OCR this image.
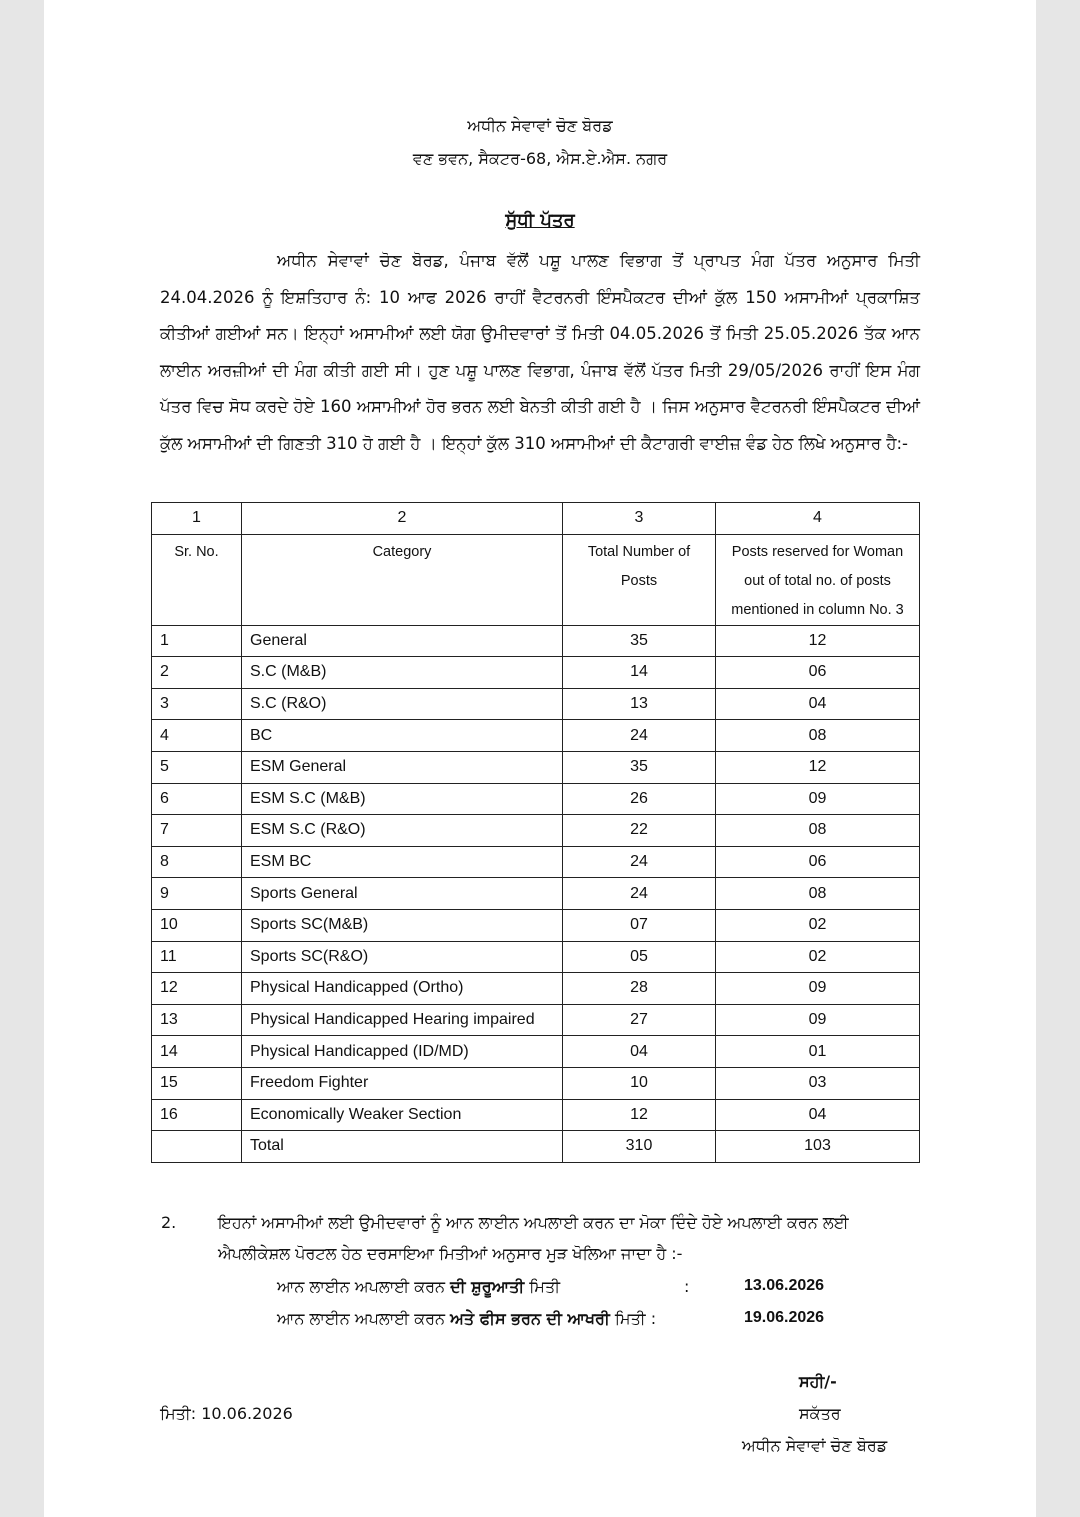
ਅਧੀਨ ਸੇਵਾਵਾਂ ਚੋਣ ਬੋਰਡ
ਵਣ ਭਵਨ, ਸੈਕਟਰ-68, ਐਸ.ਏ.ਐਸ. ਨਗਰ
ਸੁੱਧੀ ਪੱਤਰ

ਅਧੀਨ ਸੇਵਾਵਾਂ ਚੋਣ ਬੋਰਡ, ਪੰਜਾਬ ਵੱਲੋਂ ਪਸ਼ੂ ਪਾਲਣ ਵਿਭਾਗ ਤੋਂ ਪ੍ਰਾਪਤ ਮੰਗ ਪੱਤਰ ਅਨੁਸਾਰ ਮਿਤੀ 24.04.2026 ਨੂੰ ਇਸ਼ਤਿਹਾਰ ਨੰ: 10 ਆਫ 2026 ਰਾਹੀਂ ਵੈਟਰਨਰੀ ਇੰਸਪੈਕਟਰ ਦੀਆਂ ਕੁੱਲ 150 ਅਸਾਮੀਆਂ ਪ੍ਰਕਾਸ਼ਿਤ ਕੀਤੀਆਂ ਗਈਆਂ ਸਨ। ਇਨ੍ਹਾਂ ਅਸਾਮੀਆਂ ਲਈ ਯੋਗ ਉਮੀਦਵਾਰਾਂ ਤੋਂ ਮਿਤੀ 04.05.2026 ਤੋਂ ਮਿਤੀ 25.05.2026 ਤੱਕ ਆਨ ਲਾਈਨ ਅਰਜ਼ੀਆਂ ਦੀ ਮੰਗ ਕੀਤੀ ਗਈ ਸੀ। ਹੁਣ ਪਸ਼ੂ ਪਾਲਣ ਵਿਭਾਗ, ਪੰਜਾਬ ਵੱਲੋਂ ਪੱਤਰ ਮਿਤੀ 29/05/2026 ਰਾਹੀਂ ਇਸ ਮੰਗ ਪੱਤਰ ਵਿਚ ਸੋਧ ਕਰਦੇ ਹੋਏ 160 ਅਸਾਮੀਆਂ ਹੋਰ ਭਰਨ ਲਈ ਬੇਨਤੀ ਕੀਤੀ ਗਈ ਹੈ । ਜਿਸ ਅਨੁਸਾਰ ਵੈਟਰਨਰੀ ਇੰਸਪੈਕਟਰ ਦੀਆਂ ਕੁੱਲ ਅਸਾਮੀਆਂ ਦੀ ਗਿਣਤੀ 310 ਹੋ ਗਈ ਹੈ । ਇਨ੍ਹਾਂ ਕੁੱਲ 310 ਅਸਾਮੀਆਂ ਦੀ ਕੈਟਾਗਰੀ ਵਾਈਜ਼ ਵੰਡ ਹੇਠ ਲਿਖੇ ਅਨੁਸਾਰ ਹੈ:-

1	2	3	4
Sr. No.	Category	Total Number of Posts	Posts reserved for Woman out of total no. of posts mentioned in column No. 3
1	General	35	12
2	S.C (M&B)	14	06
3	S.C (R&O)	13	04
4	BC	24	08
5	ESM General	35	12
6	ESM S.C (M&B)	26	09
7	ESM S.C (R&O)	22	08
8	ESM BC	24	06
9	Sports General	24	08
10	Sports SC(M&B)	07	02
11	Sports SC(R&O)	05	02
12	Physical Handicapped (Ortho)	28	09
13	Physical Handicapped Hearing impaired	27	09
14	Physical Handicapped (ID/MD)	04	01
15	Freedom Fighter	10	03
16	Economically Weaker Section	12	04
	Total	310	103
2.	ਇਹਨਾਂ ਅਸਾਮੀਆਂ ਲਈ ਉਮੀਦਵਾਰਾਂ ਨੂੰ ਆਨ ਲਾਈਨ ਅਪਲਾਈ ਕਰਨ ਦਾ ਮੋਕਾ ਦਿੰਦੇ ਹੋਏ ਅਪਲਾਈ ਕਰਨ ਲਈ
ਐਪਲੀਕੇਸ਼ਲ ਪੋਰਟਲ ਹੇਠ ਦਰਸਾਇਆ ਮਿਤੀਆਂ ਅਨੁਸਾਰ ਮੁੜ ਖੋਲਿਆ ਜਾਦਾ ਹੈ :-
ਆਨ ਲਾਈਨ ਅਪਲਾਈ ਕਰਨ ਦੀ ਸ਼ੁਰੂਆਤੀ ਮਿਤੀ	:	13.06.2026
ਆਨ ਲਾਈਨ ਅਪਲਾਈ ਕਰਨ ਅਤੇ ਫੀਸ ਭਰਨ ਦੀ ਆਖਰੀ ਮਿਤੀ :	19.06.2026
ਸਹੀ/-
ਮਿਤੀ: 10.06.2026	ਸਕੱਤਰ
ਅਧੀਨ ਸੇਵਾਵਾਂ ਚੋਣ ਬੋਰਡ
